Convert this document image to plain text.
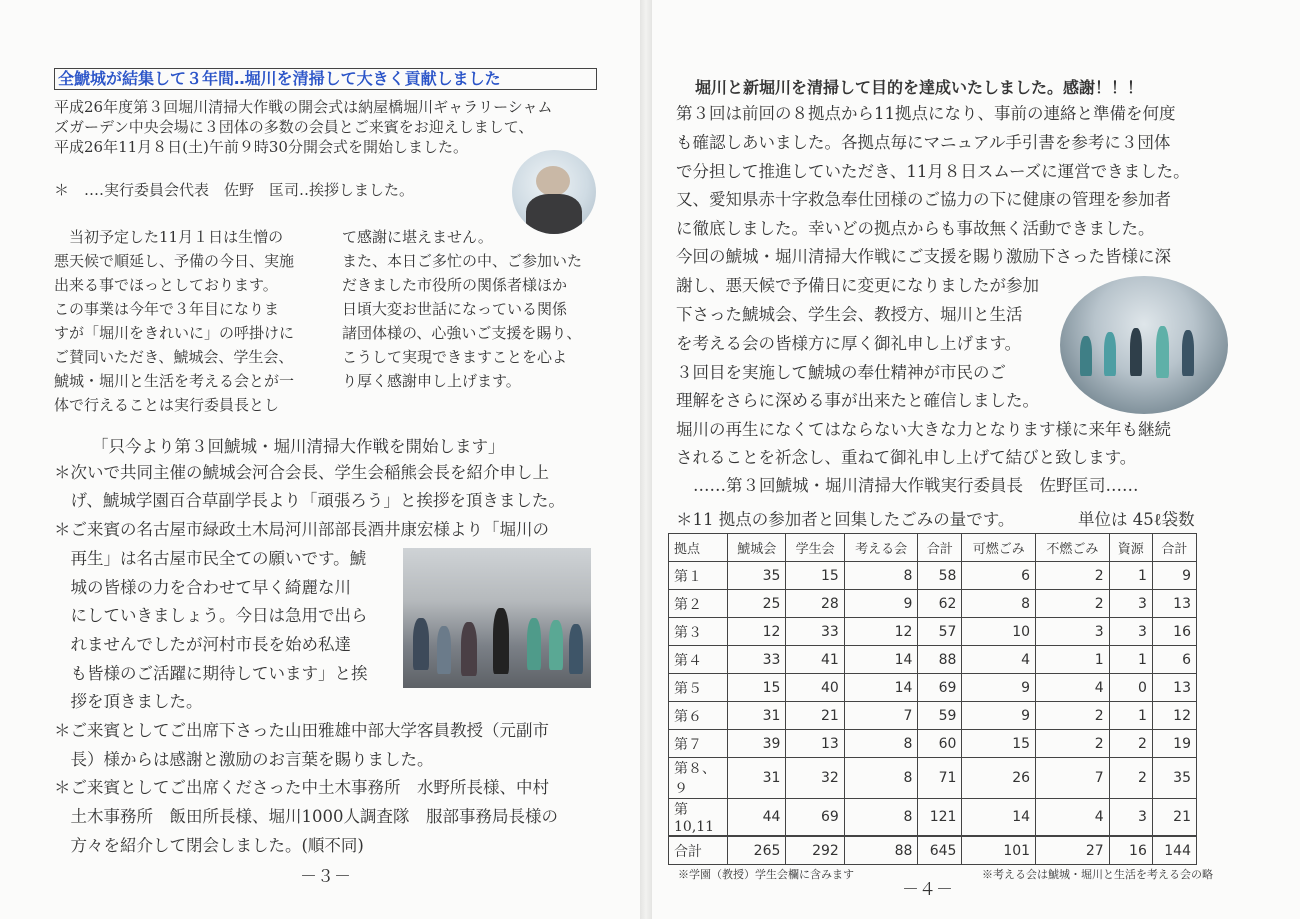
全鯱城が結集して３年間‥堀川を清掃して大きく貢献しました
平成26年度第３回堀川清掃大作戦の開会式は納屋橋堀川ギャラリーシャム
ズガーデン中央会場に３団体の多数の会員とご来賓をお迎えしまして、
平成26年11月８日(土)午前９時30分開会式を開始しました。
＊　‥‥実行委員会代表　佐野　匡司‥挨拶しました。
　当初予定した11月１日は生憎の
悪天候で順延し、予備の今日、実施
出来る事でほっとしております。
この事業は今年で３年目になりま
すが「堀川をきれいに」の呼掛けに
ご賛同いただき、鯱城会、学生会、
鯱城・堀川と生活を考える会とが一
体で行えることは実行委員長とし
て感謝に堪えません。
また、本日ご多忙の中、ご参加いた
だきました市役所の関係者様ほか
日頃大変お世話になっている関係
諸団体様の、心強いご支援を賜り、
こうして実現できますことを心よ
り厚く感謝申し上げます。
「只今より第３回鯱城・堀川清掃大作戦を開始します」
＊次いで共同主催の鯱城会河合会長、学生会稲熊会長を紹介申し上
　げ、鯱城学園百合草副学長より「頑張ろう」と挨拶を頂きました。
＊ご来賓の名古屋市緑政土木局河川部部長酒井康宏様より「堀川の
　再生」は名古屋市民全ての願いです。鯱
　城の皆様の力を合わせて早く綺麗な川
　にしていきましょう。今日は急用で出ら
　れませんでしたが河村市長を始め私達
　も皆様のご活躍に期待しています」と挨
　拶を頂きました。
＊ご来賓としてご出席下さった山田雅雄中部大学客員教授（元副市
　長）様からは感謝と激励のお言葉を賜りました。
＊ご来賓としてご出席くださった中土木事務所　水野所長様、中村
　土木事務所　飯田所長様、堀川1000人調査隊　服部事務局長様の
　方々を紹介して閉会しました。(順不同)
－３－
堀川と新堀川を清掃して目的を達成いたしました。感謝！！！
第３回は前回の８拠点から11拠点になり、事前の連絡と準備を何度
も確認しあいました。各拠点毎にマニュアル手引書を参考に３団体
で分担して推進していただき、11月８日スムーズに運営できました。
又、愛知県赤十字救急奉仕団様のご協力の下に健康の管理を参加者
に徹底しました。幸いどの拠点からも事故無く活動できました。
今回の鯱城・堀川清掃大作戦にご支援を賜り激励下さった皆様に深
謝し、悪天候で予備日に変更になりましたが参加
下さった鯱城会、学生会、教授方、堀川と生活
を考える会の皆様方に厚く御礼申し上げます。
３回目を実施して鯱城の奉仕精神が市民のご
理解をさらに深める事が出来たと確信しました。
堀川の再生になくてはならない大きな力となります様に来年も継続
されることを祈念し、重ねて御礼申し上げて結びと致します。
‥‥‥第３回鯱城・堀川清掃大作戦実行委員長　佐野匡司‥‥‥
＊11 拠点の参加者と回集したごみの量です。	単位は 45ℓ袋数
拠点	鯱城会	学生会	考える会	合計	可燃ごみ	不燃ごみ	資源	合計
第１	35	15	8	58	6	2	1	9
第２	25	28	9	62	8	2	3	13
第３	12	33	12	57	10	3	3	16
第４	33	41	14	88	4	1	1	6
第５	15	40	14	69	9	4	0	13
第６	31	21	7	59	9	2	1	12
第７	39	13	8	60	15	2	2	19
第８、９	31	32	8	71	26	7	2	35
第10,11	44	69	8	121	14	4	3	21
合計	265	292	88	645	101	27	16	144
※学園（教授）学生会欄に含みます
－４－
※考える会は鯱城・堀川と生活を考える会の略
